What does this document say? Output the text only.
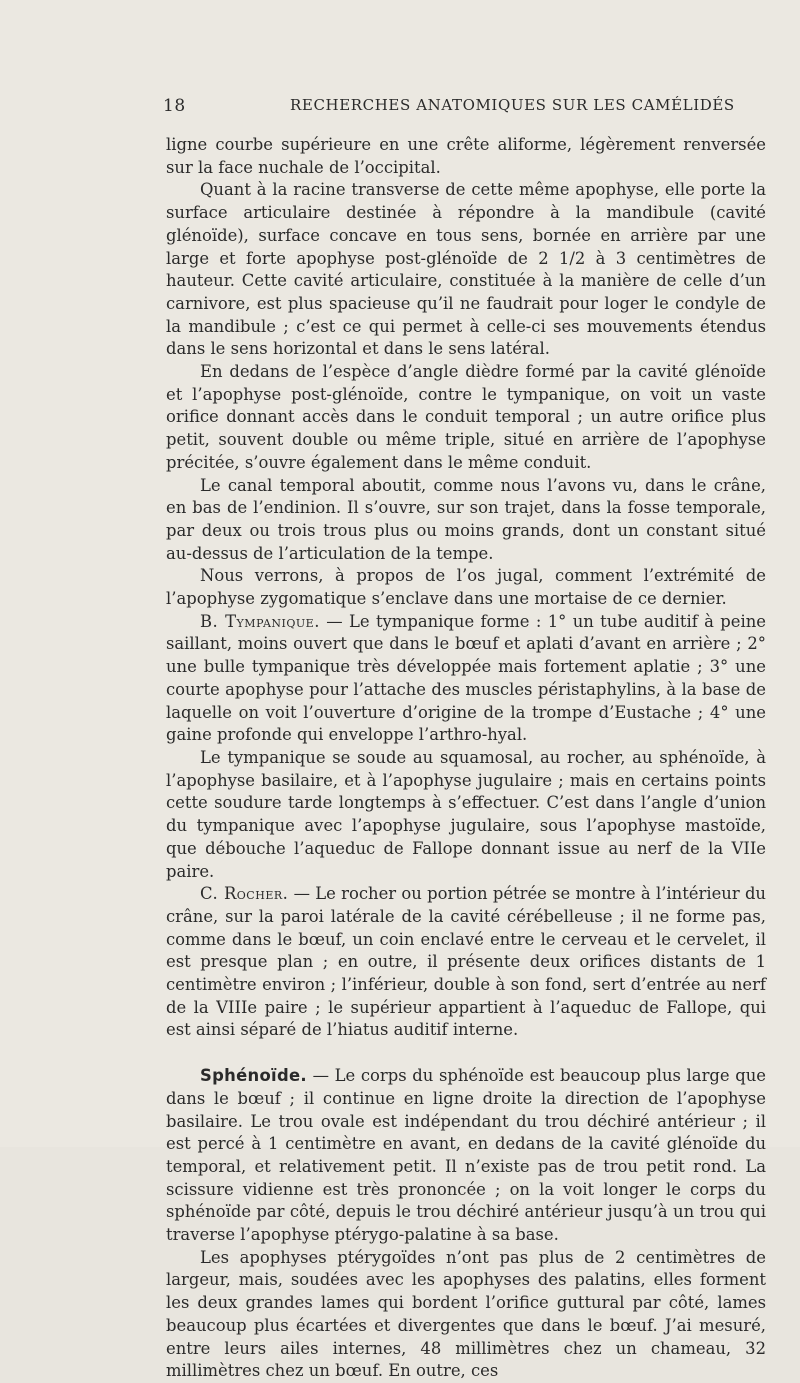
18	RECHERCHES ANATOMIQUES SUR LES CAMÉLIDÉS

ligne courbe supérieure en une crête aliforme, légèrement renversée sur la face nuchale de l’occipital.

Quant à la racine transverse de cette même apophyse, elle porte la surface articulaire destinée à répondre à la mandibule (cavité glénoïde), surface concave en tous sens, bornée en arrière par une large et forte apophyse post-glénoïde de 2 1/2 à 3 centimètres de hauteur. Cette cavité articulaire, constituée à la manière de celle d’un carnivore, est plus spacieuse qu’il ne faudrait pour loger le condyle de la mandibule ; c’est ce qui permet à celle-ci ses mouvements étendus dans le sens horizontal et dans le sens latéral.

En dedans de l’espèce d’angle dièdre formé par la cavité glénoïde et l’apophyse post-glénoïde, contre le tympanique, on voit un vaste orifice donnant accès dans le conduit temporal ; un autre orifice plus petit, souvent double ou même triple, situé en arrière de l’apophyse précitée, s’ouvre également dans le même conduit.

Le canal temporal aboutit, comme nous l’avons vu, dans le crâne, en bas de l’endinion. Il s’ouvre, sur son trajet, dans la fosse temporale, par deux ou trois trous plus ou moins grands, dont un constant situé au-dessus de l’articulation de la tempe.

Nous verrons, à propos de l’os jugal, comment l’extrémité de l’apophyse zygomatique s’enclave dans une mortaise de ce dernier.

B. Tympanique. — Le tympanique forme : 1° un tube auditif à peine saillant, moins ouvert que dans le bœuf et aplati d’avant en arrière ; 2° une bulle tympanique très développée mais fortement aplatie ; 3° une courte apophyse pour l’attache des muscles péristaphylins, à la base de laquelle on voit l’ouverture d’origine de la trompe d’Eustache ; 4° une gaine profonde qui enveloppe l’arthro-hyal.

Le tympanique se soude au squamosal, au rocher, au sphénoïde, à l’apophyse basilaire, et à l’apophyse jugulaire ; mais en certains points cette soudure tarde longtemps à s’effectuer. C’est dans l’angle d’union du tympanique avec l’apophyse jugulaire, sous l’apophyse mastoïde, que débouche l’aqueduc de Fallope donnant issue au nerf de la VIIe paire.

C. Rocher. — Le rocher ou portion pétrée se montre à l’intérieur du crâne, sur la paroi latérale de la cavité cérébelleuse ; il ne forme pas, comme dans le bœuf, un coin enclavé entre le cerveau et le cervelet, il est presque plan ; en outre, il présente deux orifices distants de 1 centimètre environ ; l’inférieur, double à son fond, sert d’entrée au nerf de la VIIIe paire ; le supérieur appartient à l’aqueduc de Fallope, qui est ainsi séparé de l’hiatus auditif interne.

Sphénoïde. — Le corps du sphénoïde est beaucoup plus large que dans le bœuf ; il continue en ligne droite la direction de l’apophyse basilaire. Le trou ovale est indépendant du trou déchiré antérieur ; il est percé à 1 centimètre en avant, en dedans de la cavité glénoïde du temporal, et relativement petit. Il n’existe pas de trou petit rond. La scissure vidienne est très prononcée ; on la voit longer le corps du sphénoïde par côté, depuis le trou déchiré antérieur jusqu’à un trou qui traverse l’apophyse ptérygo-palatine à sa base.

Les apophyses ptérygoïdes n’ont pas plus de 2 centimètres de largeur, mais, soudées avec les apophyses des palatins, elles forment les deux grandes lames qui bordent l’orifice guttural par côté, lames beaucoup plus écartées et divergentes que dans le bœuf. J’ai mesuré, entre leurs ailes internes, 48 millimètres chez un chameau, 32 millimètres chez un bœuf. En outre, ces
